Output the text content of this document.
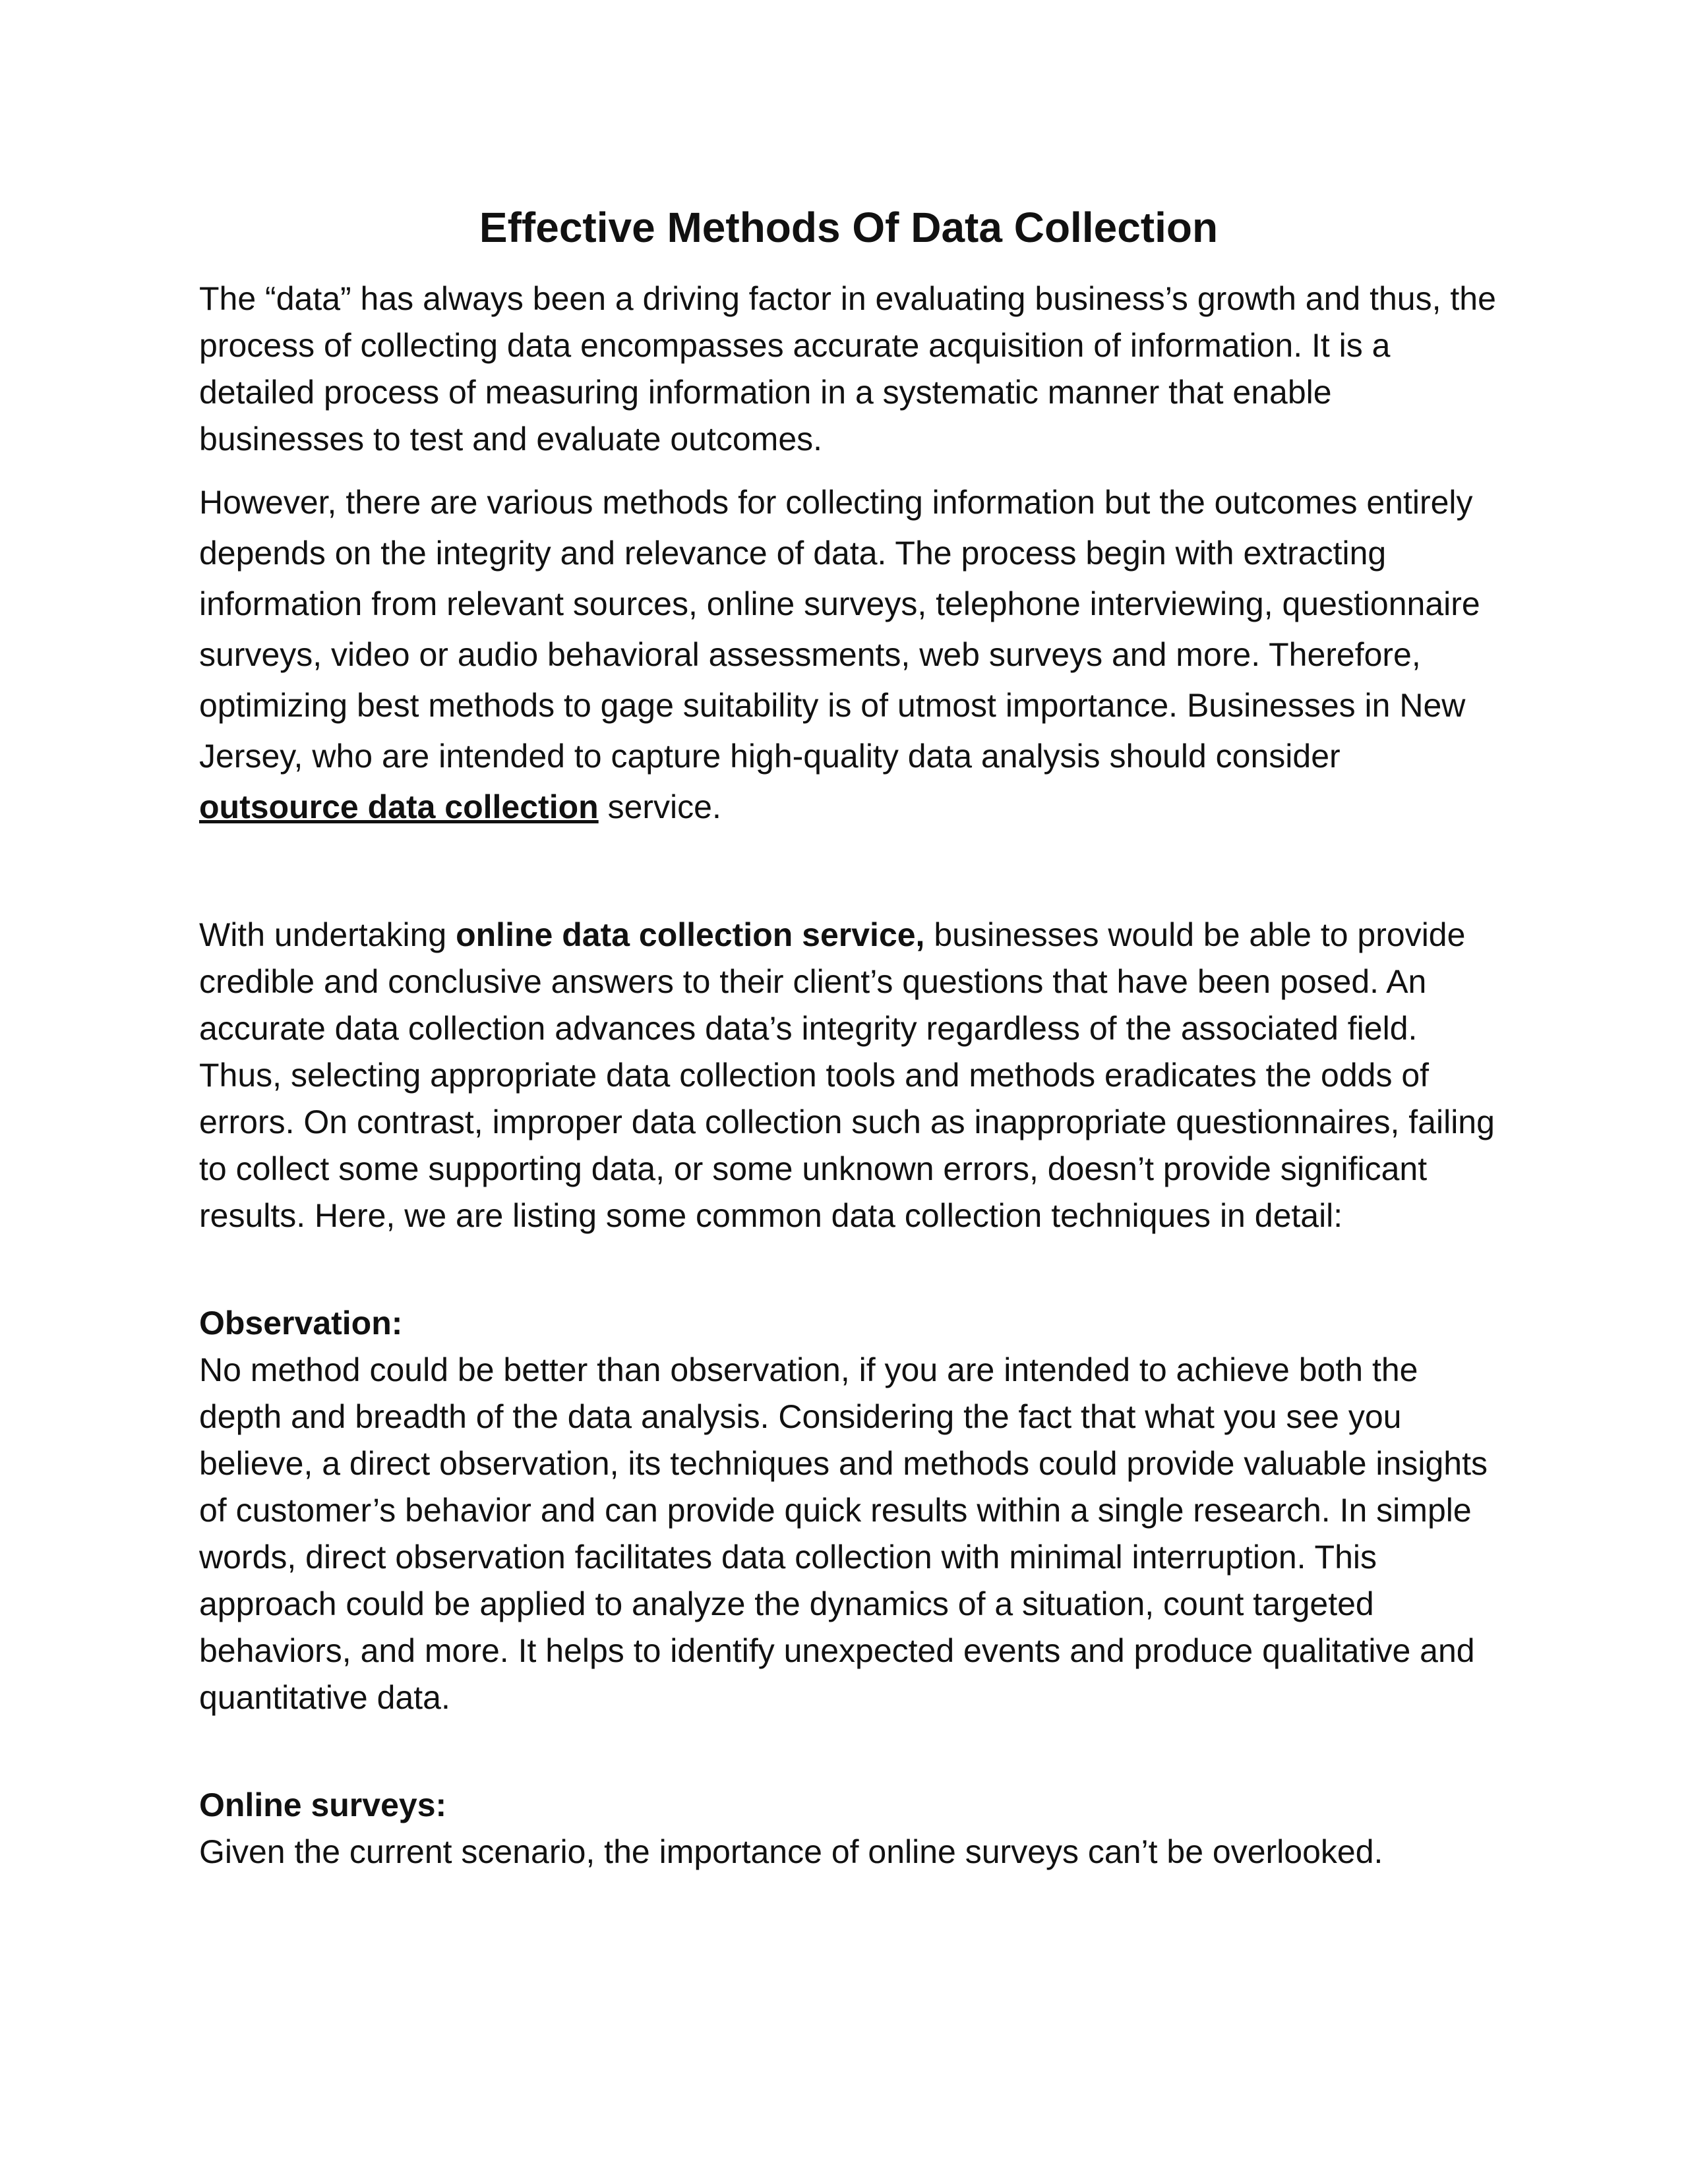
Effective Methods Of Data Collection

The “data” has always been a driving factor in evaluating business’s growth and thus, the process of collecting data encompasses accurate acquisition of information. It is a detailed process of measuring information in a systematic manner that enable businesses to test and evaluate outcomes.

However, there are various methods for collecting information but the outcomes entirely depends on the integrity and relevance of data. The process begin with extracting information from relevant sources, online surveys, telephone interviewing, questionnaire surveys, video or audio behavioral assessments, web surveys and more. Therefore, optimizing best methods to gage suitability is of utmost importance. Businesses in New Jersey, who are intended to capture high-quality data analysis should consider outsource data collection service.

With undertaking online data collection service, businesses would be able to provide credible and conclusive answers to their client’s questions that have been posed. An accurate data collection advances data’s integrity regardless of the associated field. Thus, selecting appropriate data collection tools and methods eradicates the odds of errors. On contrast, improper data collection such as inappropriate questionnaires, failing to collect some supporting data, or some unknown errors, doesn’t provide significant results. Here, we are listing some common data collection techniques in detail:

Observation:

No method could be better than observation, if you are intended to achieve both the depth and breadth of the data analysis. Considering the fact that what you see you believe, a direct observation, its techniques and methods could provide valuable insights of customer’s behavior and can provide quick results within a single research. In simple words, direct observation facilitates data collection with minimal interruption. This approach could be applied to analyze the dynamics of a situation, count targeted behaviors, and more. It helps to identify unexpected events and produce qualitative and quantitative data.

Online surveys:

Given the current scenario, the importance of online surveys can’t be overlooked.
